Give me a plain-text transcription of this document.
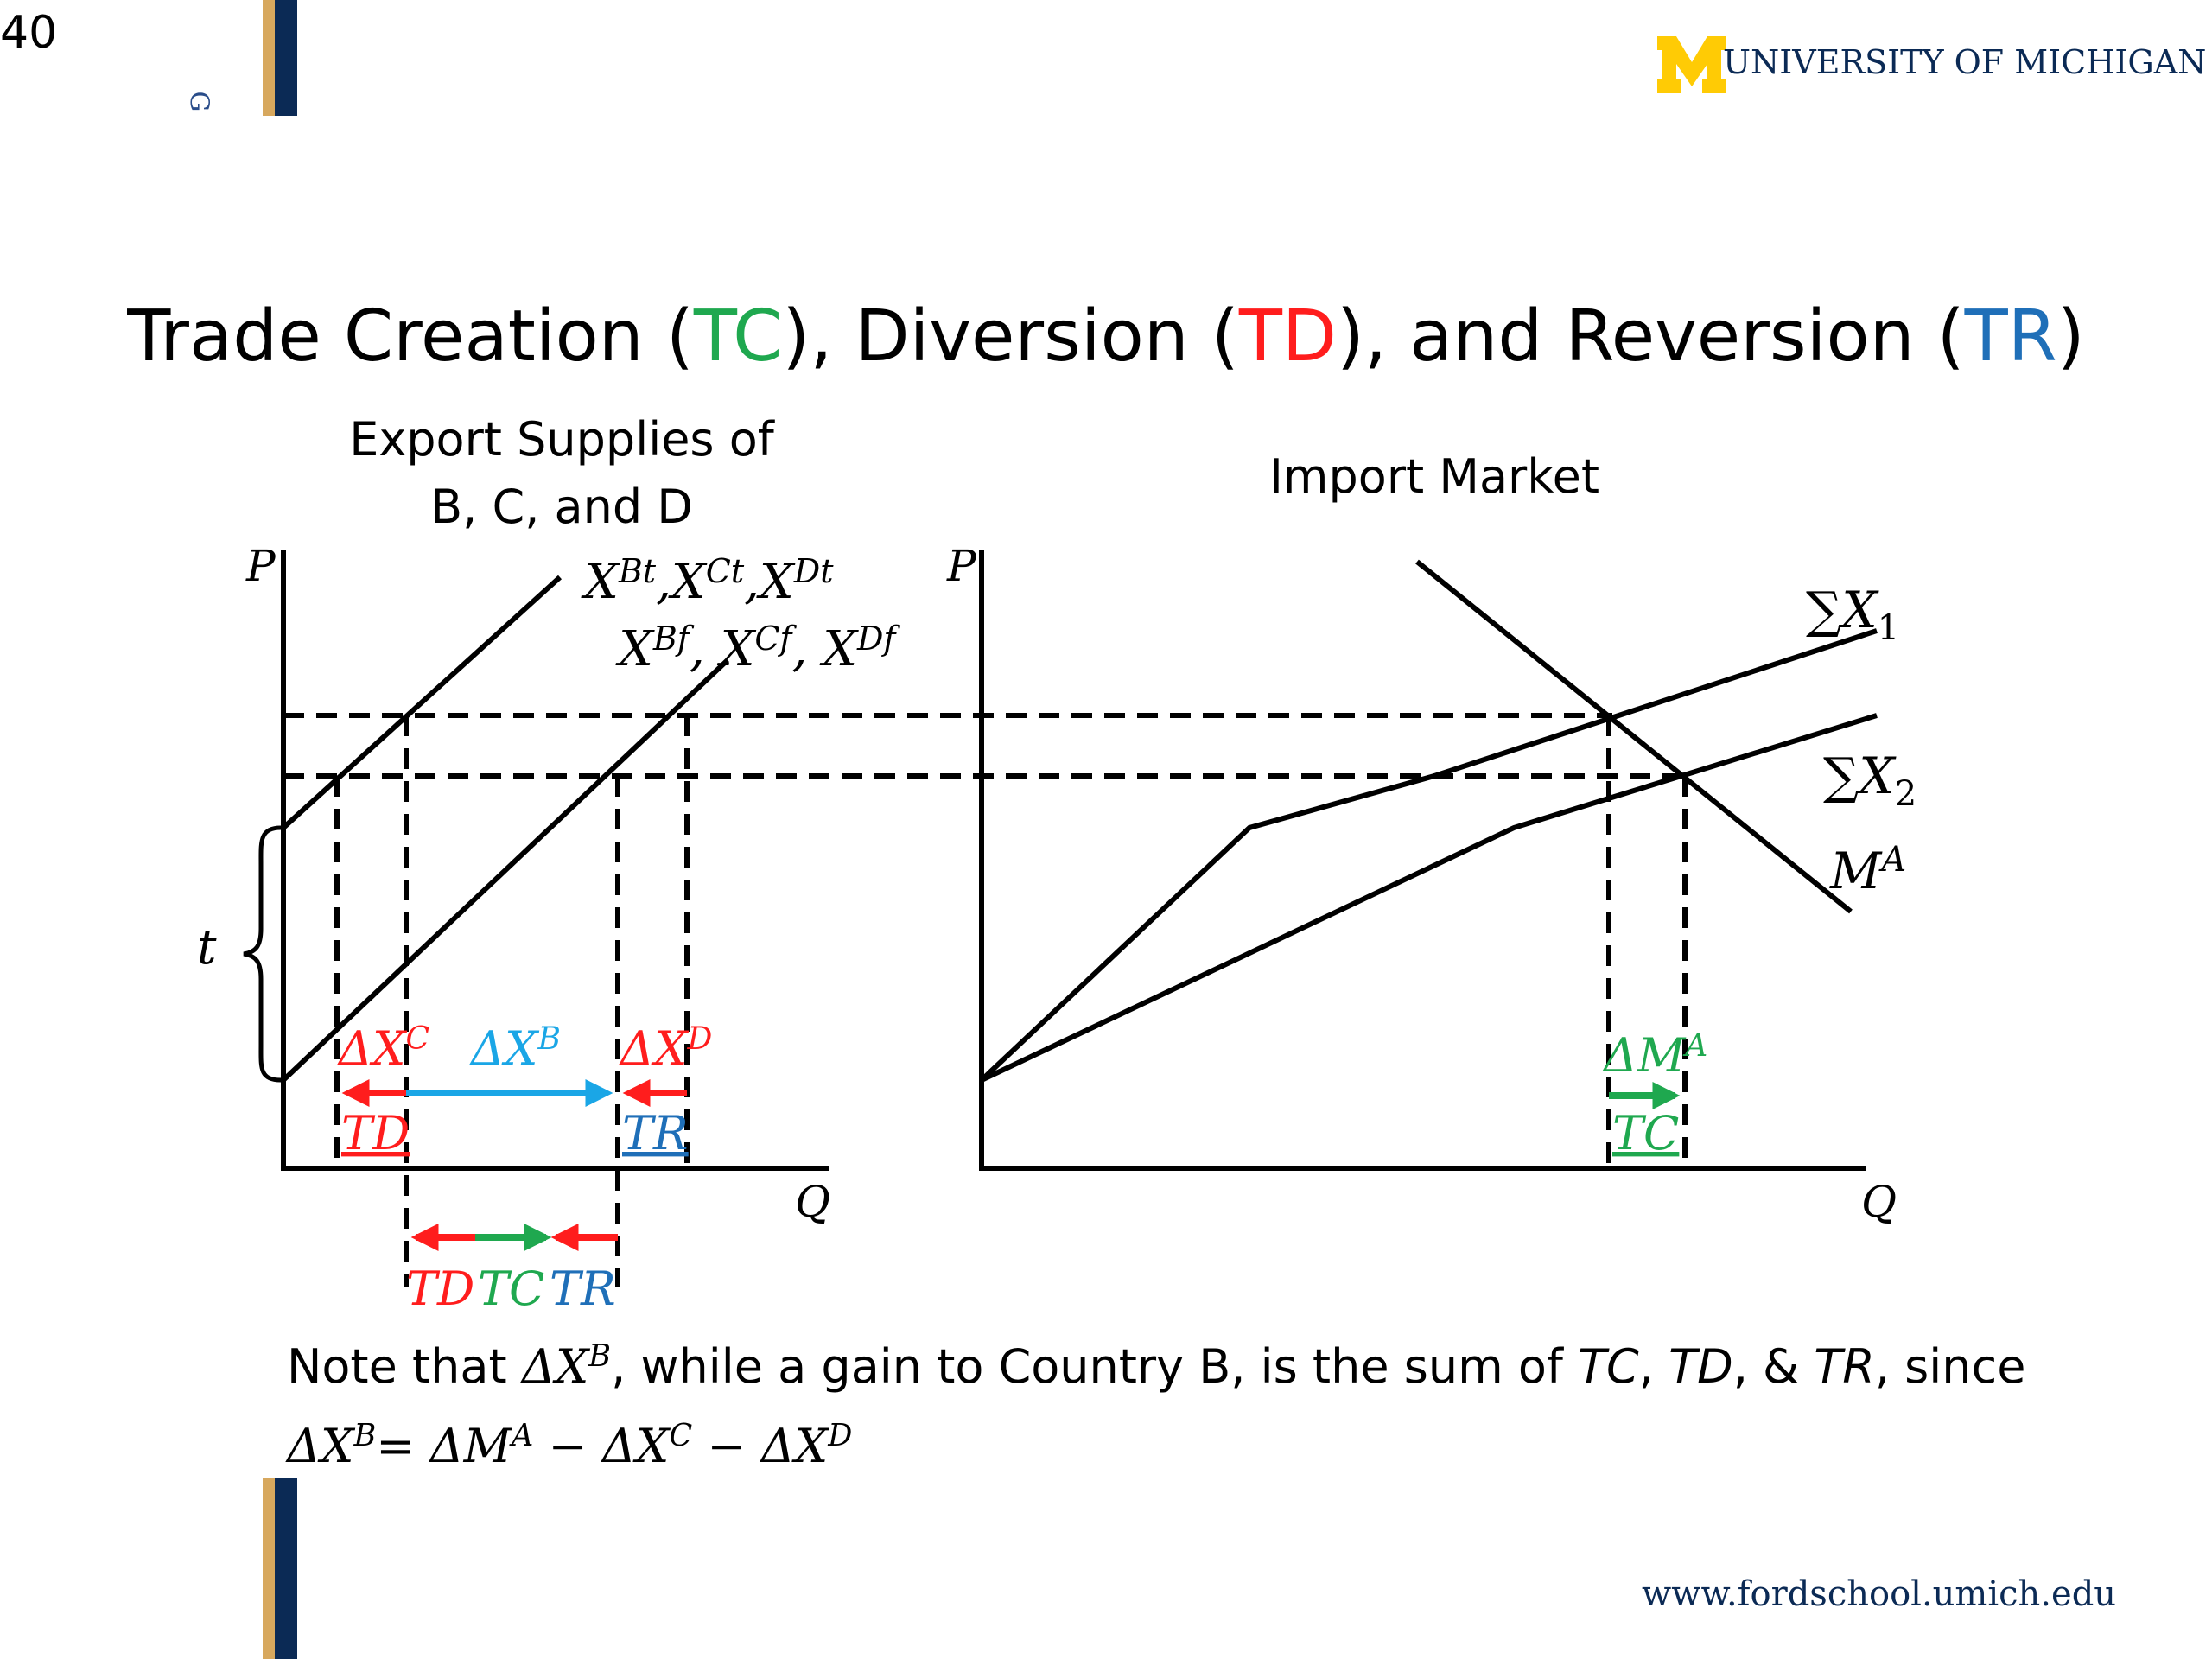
40
G
UNIVERSITY OF MICHIGAN
Trade Creation (TC), Diversion (TD), and Reversion (TR)
Export Supplies of
B, C, and D
Import Market
P
Q
t
$X^{Bt},X^{Ct},X^{Dt}$
$X^{Bf}$, $X^{Cf}$, $X^{Df}$
$\Delta X^C$ $\Delta X^B$ $\Delta X^D$
TD	TR
TD TC TR
P
Q
$\sum X_1$
$\sum X_2$
$M^A$
$\Delta M^A$
TC
Note that $\Delta X^B$, while a gain to Country B, is the sum of TC, TD, & TR, since
$\Delta X^B= \Delta M^A - \Delta X^C - \Delta X^D$
www.fordschool.umich.edu
